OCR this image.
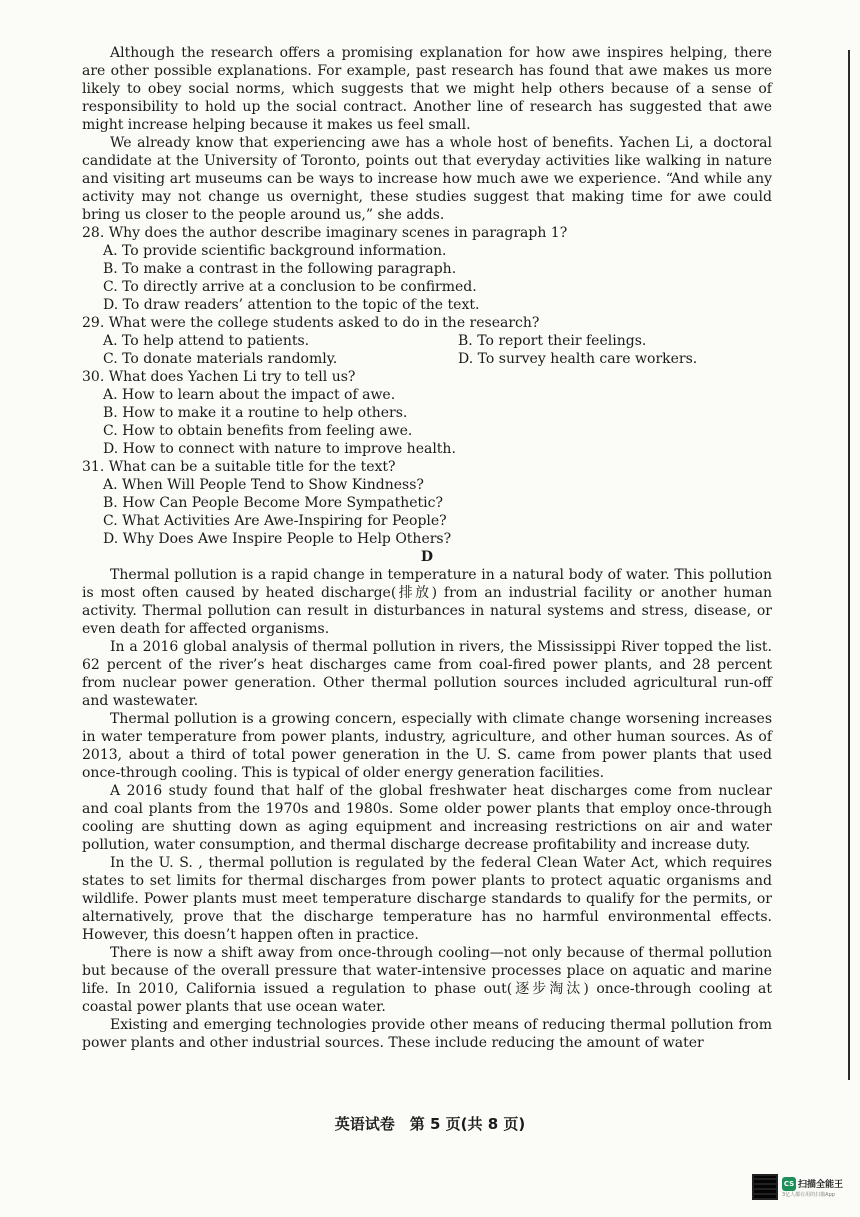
Although the research offers a promising explanation for how awe inspires helping, there are other possible explanations. For example, past research has found that awe makes us more likely to obey social norms, which suggests that we might help others because of a sense of responsibility to hold up the social contract. Another line of research has suggested that awe might increase helping because it makes us feel small.

We already know that experiencing awe has a whole host of benefits. Yachen Li, a doctoral candidate at the University of Toronto, points out that everyday activities like walking in nature and visiting art museums can be ways to increase how much awe we experience. “And while any activity may not change us overnight, these studies suggest that making time for awe could bring us closer to the people around us,” she adds.

28. Why does the author describe imaginary scenes in paragraph 1?
A. To provide scientific background information.
B. To make a contrast in the following paragraph.
C. To directly arrive at a conclusion to be confirmed.
D. To draw readers’ attention to the topic of the text.
29. What were the college students asked to do in the research?
A. To help attend to patients.	B. To report their feelings.
C. To donate materials randomly.	D. To survey health care workers.
30. What does Yachen Li try to tell us?
A. How to learn about the impact of awe.
B. How to make it a routine to help others.
C. How to obtain benefits from feeling awe.
D. How to connect with nature to improve health.
31. What can be a suitable title for the text?
A. When Will People Tend to Show Kindness?
B. How Can People Become More Sympathetic?
C. What Activities Are Awe-Inspiring for People?
D. Why Does Awe Inspire People to Help Others?

D

Thermal pollution is a rapid change in temperature in a natural body of water. This pollution is most often caused by heated discharge(排放) from an industrial facility or another human activity. Thermal pollution can result in disturbances in natural systems and stress, disease, or even death for affected organisms.

In a 2016 global analysis of thermal pollution in rivers, the Mississippi River topped the list. 62 percent of the river’s heat discharges came from coal-fired power plants, and 28 percent from nuclear power generation. Other thermal pollution sources included agricultural run-off and wastewater.

Thermal pollution is a growing concern, especially with climate change worsening increases in water temperature from power plants, industry, agriculture, and other human sources. As of 2013, about a third of total power generation in the U. S. came from power plants that used once-through cooling. This is typical of older energy generation facilities.

A 2016 study found that half of the global freshwater heat discharges come from nuclear and coal plants from the 1970s and 1980s. Some older power plants that employ once-through cooling are shutting down as aging equipment and increasing restrictions on air and water pollution, water consumption, and thermal discharge decrease profitability and increase duty.

In the U. S. , thermal pollution is regulated by the federal Clean Water Act, which requires states to set limits for thermal discharges from power plants to protect aquatic organisms and wildlife. Power plants must meet temperature discharge standards to qualify for the permits, or alternatively, prove that the discharge temperature has no harmful environmental effects. However, this doesn’t happen often in practice.

There is now a shift away from once-through cooling—not only because of thermal pollution but because of the overall pressure that water-intensive processes place on aquatic and marine life. In 2010, California issued a regulation to phase out(逐步淘汰) once-through cooling at coastal power plants that use ocean water.

Existing and emerging technologies provide other means of reducing thermal pollution from power plants and other industrial sources. These include reducing the amount of water

英语试卷　第 5 页(共 8 页)
CS 扫描全能王
3亿人都在用的扫描App
